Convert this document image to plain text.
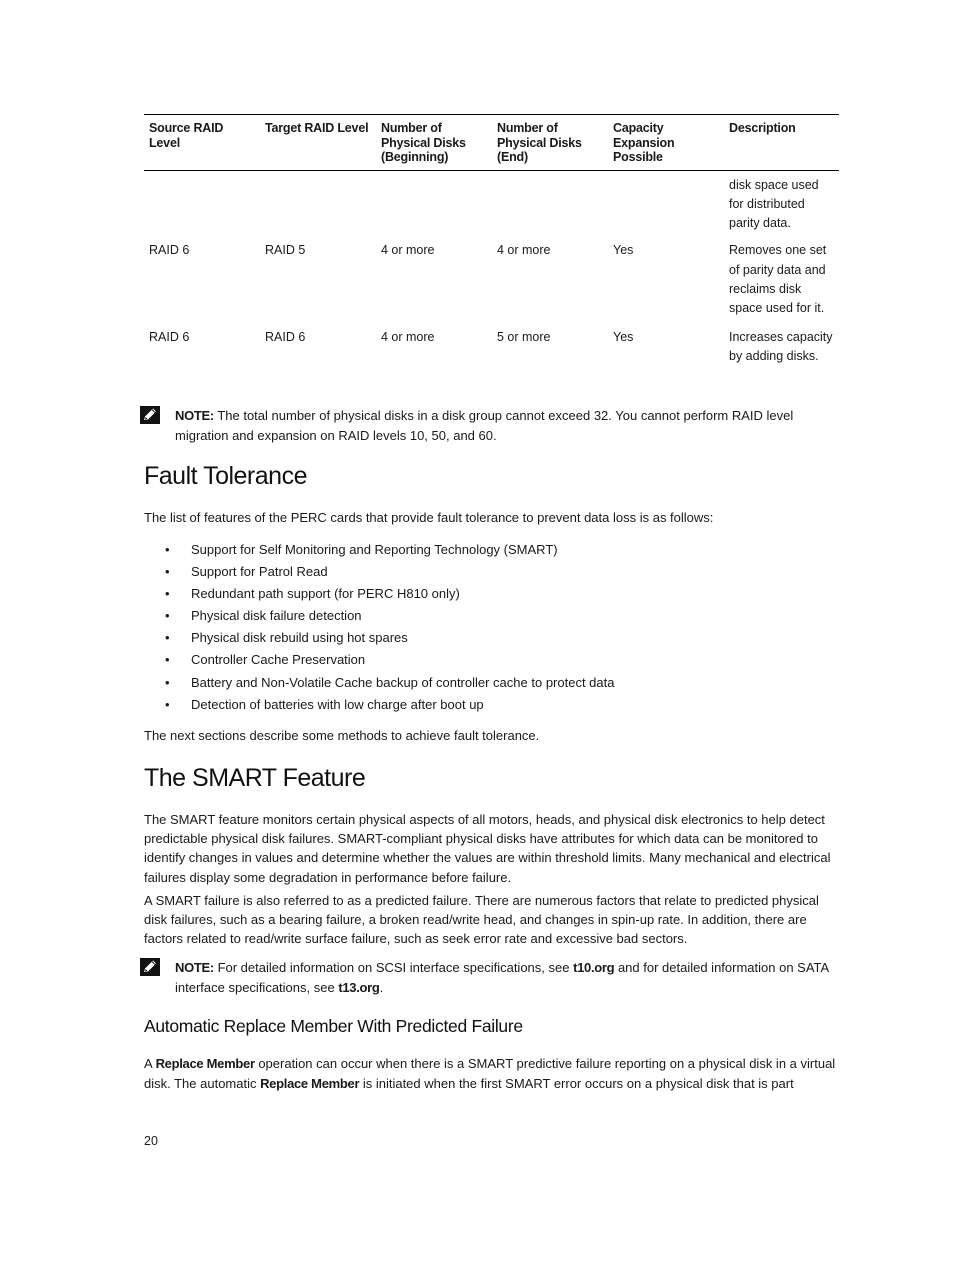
Source RAID Level	Target RAID Level	Number of Physical Disks (Beginning)	Number of Physical Disks (End)	Capacity Expansion Possible	Description
					disk space used for distributed parity data.
RAID 6	RAID 5	4 or more	4 or more	Yes	Removes one set of parity data and reclaims disk space used for it.
RAID 6	RAID 6	4 or more	5 or more	Yes	Increases capacity by adding disks.
NOTE: The total number of physical disks in a disk group cannot exceed 32. You cannot perform RAID level migration and expansion on RAID levels 10, 50, and 60.
Fault Tolerance

The list of features of the PERC cards that provide fault tolerance to prevent data loss is as follows:

• Support for Self Monitoring and Reporting Technology (SMART)
• Support for Patrol Read
• Redundant path support (for PERC H810 only)
• Physical disk failure detection
• Physical disk rebuild using hot spares
• Controller Cache Preservation
• Battery and Non-Volatile Cache backup of controller cache to protect data
• Detection of batteries with low charge after boot up

The next sections describe some methods to achieve fault tolerance.

The SMART Feature

The SMART feature monitors certain physical aspects of all motors, heads, and physical disk electronics to help detect predictable physical disk failures. SMART-compliant physical disks have attributes for which data can be monitored to identify changes in values and determine whether the values are within threshold limits. Many mechanical and electrical failures display some degradation in performance before failure.

A SMART failure is also referred to as a predicted failure. There are numerous factors that relate to predicted physical disk failures, such as a bearing failure, a broken read/write head, and changes in spin-up rate. In addition, there are factors related to read/write surface failure, such as seek error rate and excessive bad sectors.

NOTE: For detailed information on SCSI interface specifications, see t10.org and for detailed information on SATA interface specifications, see t13.org.
Automatic Replace Member With Predicted Failure

A Replace Member operation can occur when there is a SMART predictive failure reporting on a physical disk in a virtual disk. The automatic Replace Member is initiated when the first SMART error occurs on a physical disk that is part

20
